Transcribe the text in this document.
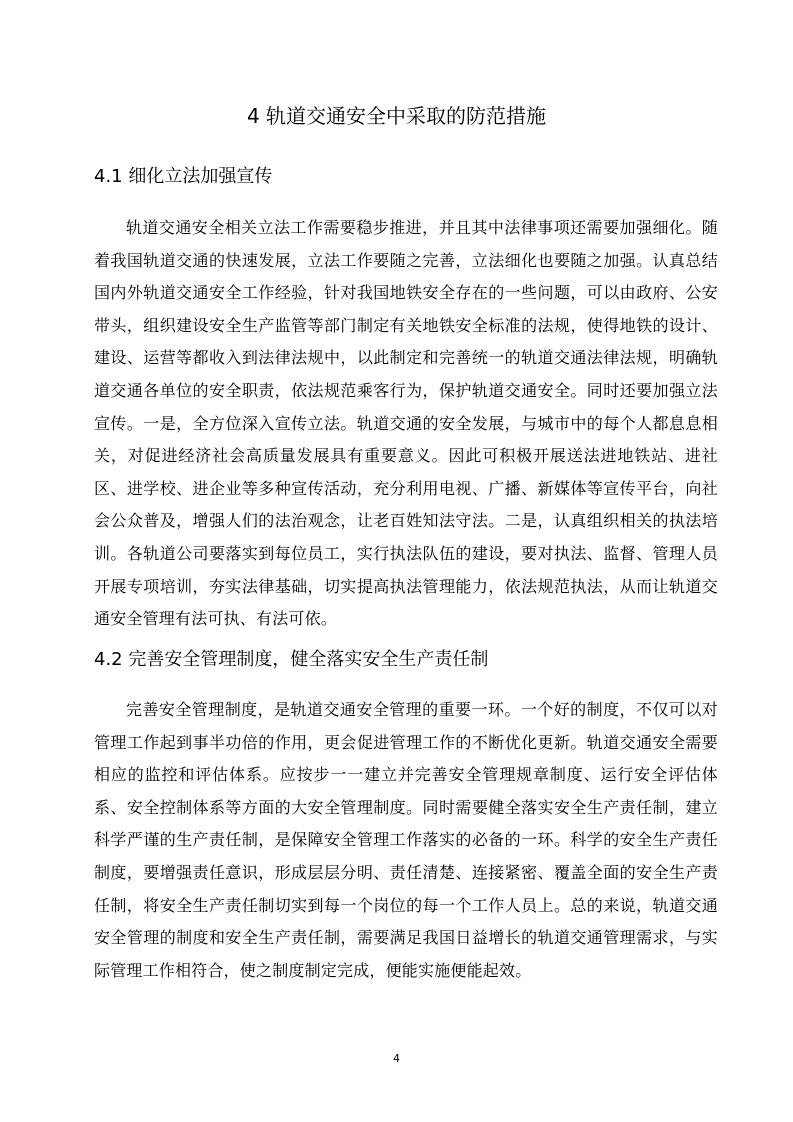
4 轨道交通安全中采取的防范措施
4.1 细化立法加强宣传

轨道交通安全相关立法工作需要稳步推进，并且其中法律事项还需要加强细化。随着我国轨道交通的快速发展，立法工作要随之完善，立法细化也要随之加强。认真总结国内外轨道交通安全工作经验，针对我国地铁安全存在的一些问题，可以由政府、公安带头，组织建设安全生产监管等部门制定有关地铁安全标准的法规，使得地铁的设计、建设、运营等都收入到法律法规中，以此制定和完善统一的轨道交通法律法规，明确轨道交通各单位的安全职责，依法规范乘客行为，保护轨道交通安全。同时还要加强立法宣传。一是，全方位深入宣传立法。轨道交通的安全发展，与城市中的每个人都息息相关，对促进经济社会高质量发展具有重要意义。因此可积极开展送法进地铁站、进社区、进学校、进企业等多种宣传活动，充分利用电视、广播、新媒体等宣传平台，向社会公众普及，增强人们的法治观念，让老百姓知法守法。二是，认真组织相关的执法培训。各轨道公司要落实到每位员工，实行执法队伍的建设，要对执法、监督、管理人员开展专项培训，夯实法律基础，切实提高执法管理能力，依法规范执法，从而让轨道交通安全管理有法可执、有法可依。

4.2 完善安全管理制度，健全落实安全生产责任制

完善安全管理制度，是轨道交通安全管理的重要一环。一个好的制度，不仅可以对管理工作起到事半功倍的作用，更会促进管理工作的不断优化更新。轨道交通安全需要相应的监控和评估体系。应按步一一建立并完善安全管理规章制度、运行安全评估体系、安全控制体系等方面的大安全管理制度。同时需要健全落实安全生产责任制，建立科学严谨的生产责任制，是保障安全管理工作落实的必备的一环。科学的安全生产责任制度，要增强责任意识，形成层层分明、责任清楚、连接紧密、覆盖全面的安全生产责任制，将安全生产责任制切实到每一个岗位的每一个工作人员上。总的来说，轨道交通安全管理的制度和安全生产责任制，需要满足我国日益增长的轨道交通管理需求，与实际管理工作相符合，使之制度制定完成，便能实施便能起效。

4
